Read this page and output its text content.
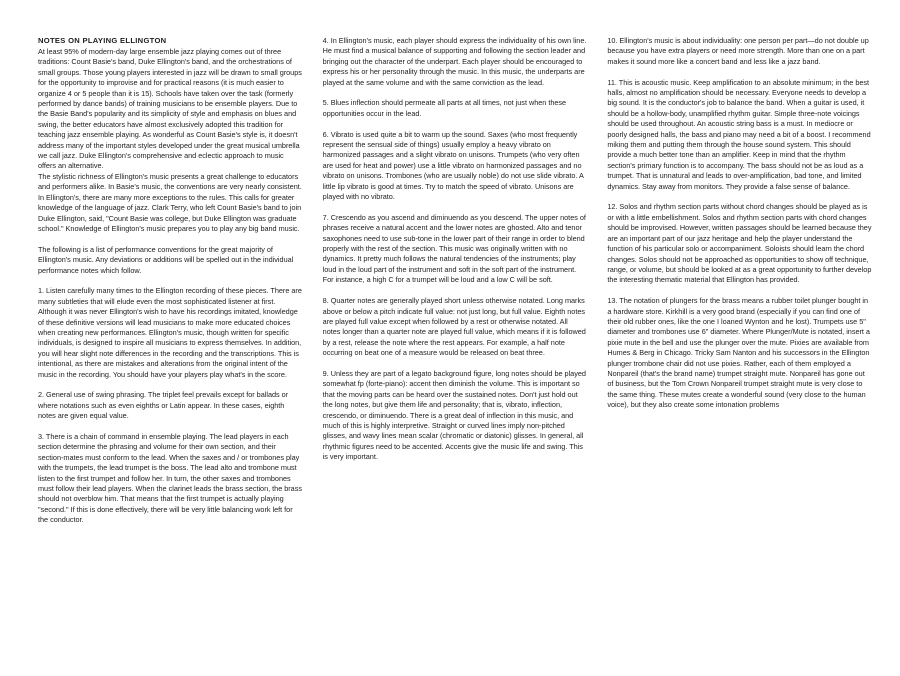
NOTES ON PLAYING ELLINGTON

At least 95% of modern-day large ensemble jazz playing comes out of three traditions: Count Basie's band, Duke Ellington's band, and the orchestrations of small groups. Those young players interested in jazz will be drawn to small groups for the opportunity to improvise and for practical reasons (it is much easier to organize 4 or 5 people than it is 15). Schools have taken over the task (formerly performed by dance bands) of training musicians to be ensemble players. Due to the Basie Band's popularity and its simplicity of style and emphasis on blues and swing, the better educators have almost exclusively adopted this tradition for teaching jazz ensemble playing. As wonderful as Count Basie's style is, it doesn't address many of the important styles developed under the great musical umbrella we call jazz. Duke Ellington's comprehensive and eclectic approach to music offers an alternative.

The stylistic richness of Ellington's music presents a great challenge to educators and performers alike. In Basie's music, the conventions are very nearly consistent. In Ellington's, there are many more exceptions to the rules. This calls for greater knowledge of the language of jazz. Clark Terry, who left Count Basie's band to join Duke Ellington, said, "Count Basie was college, but Duke Ellington was graduate school." Knowledge of Ellington's music prepares you to play any big band music.

The following is a list of performance conventions for the great majority of Ellington's music. Any deviations or additions will be spelled out in the individual performance notes which follow.

1. Listen carefully many times to the Ellington recording of these pieces. There are many subtleties that will elude even the most sophisticated listener at first. Although it was never Ellington's wish to have his recordings imitated, knowledge of these definitive versions will lead musicians to make more educated choices when creating new performances. Ellington's music, though written for specific individuals, is designed to inspire all musicians to express themselves. In addition, you will hear slight note differences in the recording and the transcriptions. This is intentional, as there are mistakes and alterations from the original intent of the music in the recording. You should have your players play what's in the score.

2. General use of swing phrasing. The triplet feel prevails except for ballads or where notations such as even eighths or Latin appear. In these cases, eighth notes are given equal value.

3. There is a chain of command in ensemble playing. The lead players in each section determine the phrasing and volume for their own section, and their section-mates must conform to the lead. When the saxes and / or trombones play with the trumpets, the lead trumpet is the boss. The lead alto and trombone must listen to the first trumpet and follow her. In turn, the other saxes and trombones must follow their lead players. When the clarinet leads the brass section, the brass should not overblow him. That means that the first trumpet is actually playing "second." If this is done effectively, there will be very little balancing work left for the conductor.

4. In Ellington's music, each player should express the individuality of his own line. He must find a musical balance of supporting and following the section leader and bringing out the character of the underpart. Each player should be encouraged to express his or her personality through the music. In this music, the underparts are played at the same volume and with the same conviction as the lead.

5. Blues inflection should permeate all parts at all times, not just when these opportunities occur in the lead.

6. Vibrato is used quite a bit to warm up the sound. Saxes (who most frequently represent the sensual side of things) usually employ a heavy vibrato on harmonized passages and a slight vibrato on unisons. Trumpets (who very often are used for heat and power) use a little vibrato on harmonized passages and no vibrato on unisons. Trombones (who are usually noble) do not use slide vibrato. A little lip vibrato is good at times. Try to match the speed of vibrato. Unisons are played with no vibrato.

7. Crescendo as you ascend and diminuendo as you descend. The upper notes of phrases receive a natural accent and the lower notes are ghosted. Alto and tenor saxophones need to use sub-tone in the lower part of their range in order to blend properly with the rest of the section. This music was originally written with no dynamics. It pretty much follows the natural tendencies of the instruments; play loud in the loud part of the instrument and soft in the soft part of the instrument. For instance, a high C for a trumpet will be loud and a low C will be soft.

8. Quarter notes are generally played short unless otherwise notated. Long marks above or below a pitch indicate full value: not just long, but full value. Eighth notes are played full value except when followed by a rest or otherwise notated. All notes longer than a quarter note are played full value, which means if it is followed by a rest, release the note where the rest appears. For example, a half note occurring on beat one of a measure would be released on beat three.

9. Unless they are part of a legato background figure, long notes should be played somewhat fp (forte-piano): accent then diminish the volume. This is important so that the moving parts can be heard over the sustained notes. Don't just hold out the long notes, but give them life and personality; that is, vibrato, inflection, crescendo, or diminuendo. There is a great deal of inflection in this music, and much of this is highly interpretive. Straight or curved lines imply non-pitched glisses, and wavy lines mean scalar (chromatic or diatonic) glisses. In general, all rhythmic figures need to be accented. Accents give the music life and swing. This is very important.

10. Ellington's music is about individuality: one person per part—do not double up because you have extra players or need more strength. More than one on a part makes it sound more like a concert band and less like a jazz band.

11. This is acoustic music. Keep amplification to an absolute minimum; in the best halls, almost no amplification should be necessary. Everyone needs to develop a big sound. It is the conductor's job to balance the band. When a guitar is used, it should be a hollow-body, unamplified rhythm guitar. Simple three-note voicings should be used throughout. An acoustic string bass is a must. In mediocre or poorly designed halls, the bass and piano may need a bit of a boost. I recommend miking them and putting them through the house sound system. This should provide a much better tone than an amplifier. Keep in mind that the rhythm section's primary function is to accompany. The bass should not be as loud as a trumpet. That is unnatural and leads to over-amplification, bad tone, and limited dynamics. Stay away from monitors. They provide a false sense of balance.

12. Solos and rhythm section parts without chord changes should be played as is or with a little embellishment. Solos and rhythm section parts with chord changes should be improvised. However, written passages should be learned because they are an important part of our jazz heritage and help the player understand the function of his particular solo or accompaniment. Soloists should learn the chord changes. Solos should not be approached as opportunities to show off technique, range, or volume, but should be looked at as a great opportunity to further develop the interesting thematic material that Ellington has provided.

13. The notation of plungers for the brass means a rubber toilet plunger bought in a hardware store. Kirkhill is a very good brand (especially if you can find one of their old rubber ones, like the one I loaned Wynton and he lost). Trumpets use 5" diameter and trombones use 6" diameter. Where Plunger/Mute is notated, insert a pixie mute in the bell and use the plunger over the mute. Pixies are available from Humes & Berg in Chicago. Tricky Sam Nanton and his successors in the Ellington plunger trombone chair did not use pixies. Rather, each of them employed a Nonpareil (that's the brand name) trumpet straight mute. Nonpareil has gone out of business, but the Tom Crown Nonpareil trumpet straight mute is very close to the same thing. These mutes create a wonderful sound (very close to the human voice), but they also create some intonation problems
